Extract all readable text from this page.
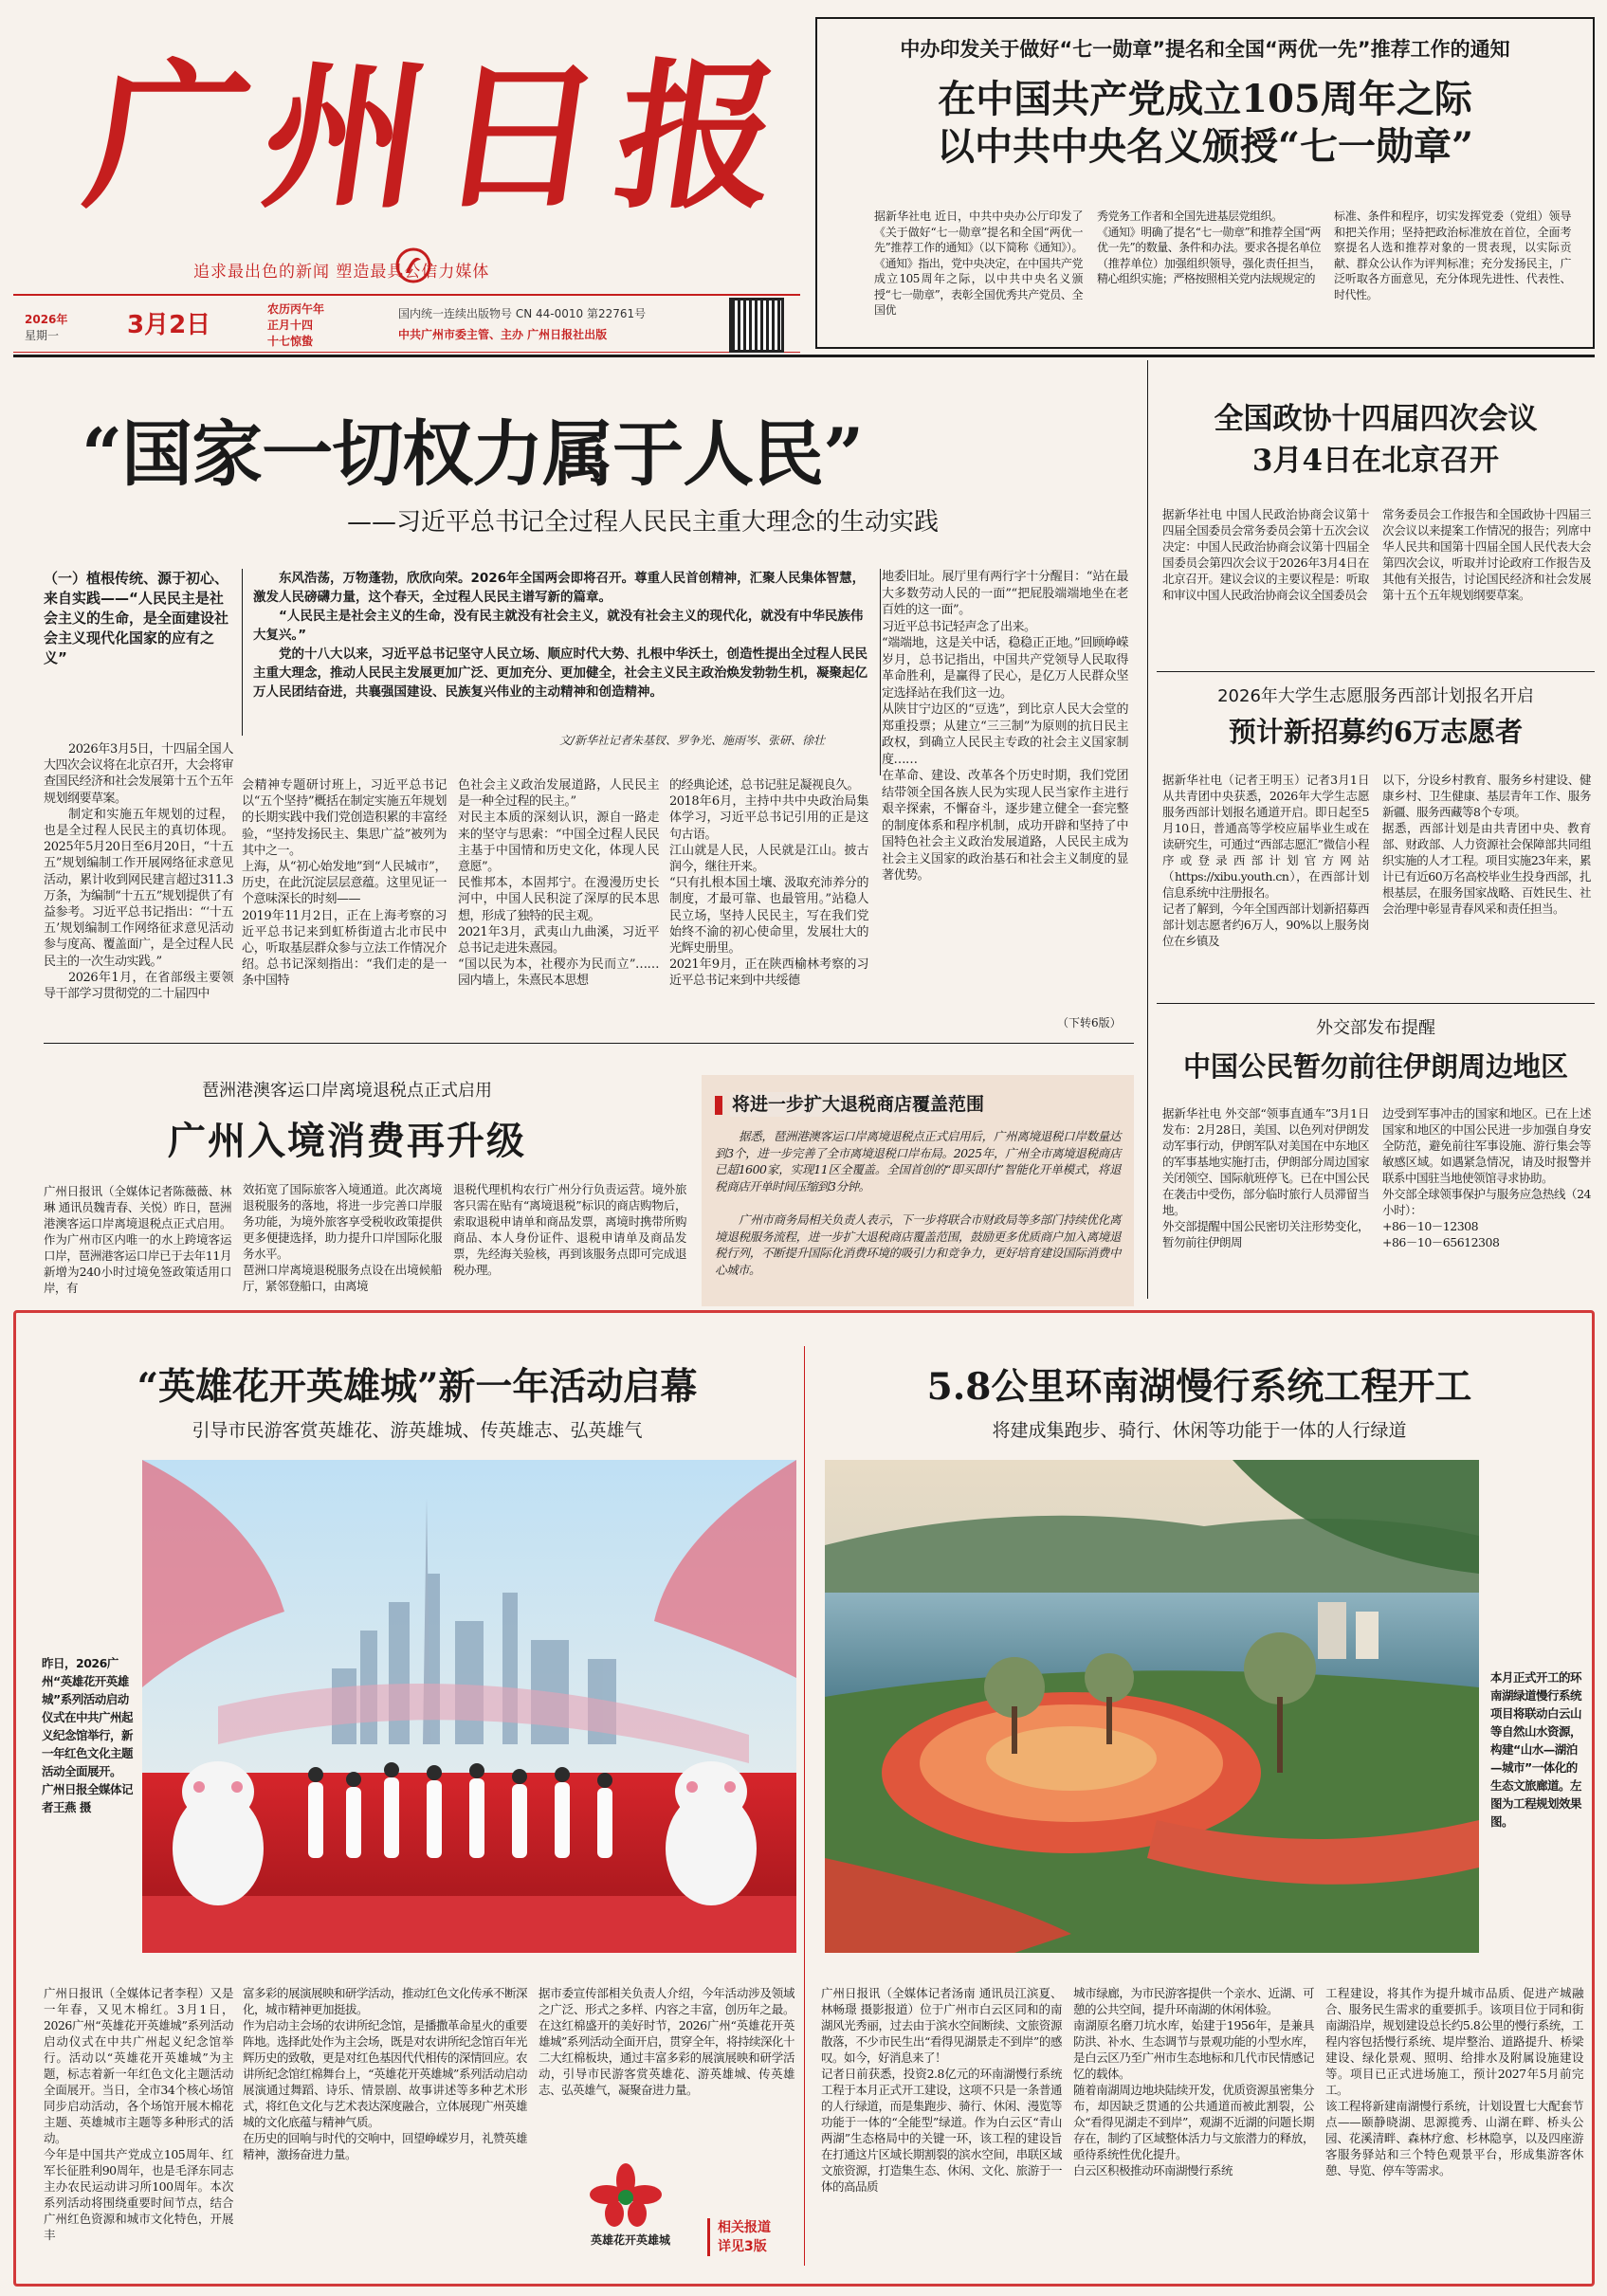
广州日报
追求最出色的新闻 塑造最具公信力媒体
2026年
星期一	3月2日
农历丙午年
正月十四
十七惊蛰
国内统一连续出版物号 CN 44-0010 第22761号
中共广州市委主管、主办 广州日报社出版
中办印发关于做好“七一勋章”提名和全国“两优一先”推荐工作的通知
在中国共产党成立105周年之际
以中共中央名义颁授“七一勋章”

据新华社电 近日，中共中央办公厅印发了《关于做好“七一勋章”提名和全国“两优一先”推荐工作的通知》（以下简称《通知》）。《通知》指出，党中央决定，在中国共产党成立105周年之际，以中共中央名义颁授“七一勋章”，表彰全国优秀共产党员、全国优

秀党务工作者和全国先进基层党组织。
《通知》明确了提名“七一勋章”和推荐全国“两优一先”的数量、条件和办法。要求各提名单位（推荐单位）加强组织领导，强化责任担当，精心组织实施；严格按照相关党内法规规定的

标准、条件和程序，切实发挥党委（党组）领导和把关作用；坚持把政治标准放在首位，全面考察提名人选和推荐对象的一贯表现，以实际贡献、群众公认作为评判标准；充分发扬民主，广泛听取各方面意见，充分体现先进性、代表性、时代性。

“国家一切权力属于人民”
——习近平总书记全过程人民民主重大理念的生动实践
（一）植根传统、源于初心、来自实践——“人民民主是社会主义的生命，是全面建设社会主义现代化国家的应有之义”
东风浩荡，万物蓬勃，欣欣向荣。2026年全国两会即将召开。尊重人民首创精神，汇聚人民集体智慧，激发人民磅礴力量，这个春天，全过程人民民主谱写新的篇章。
“人民民主是社会主义的生命，没有民主就没有社会主义，就没有社会主义的现代化，就没有中华民族伟大复兴。”
党的十八大以来，习近平总书记坚守人民立场、顺应时代大势、扎根中华沃土，创造性提出全过程人民民主重大理念，推动人民民主发展更加广泛、更加充分、更加健全，社会主义民主政治焕发勃勃生机，凝聚起亿万人民团结奋进，共襄强国建设、民族复兴伟业的主动精神和创造精神。
文/新华社记者朱基钗、罗争光、施雨岑、张研、徐壮

2026年3月5日，十四届全国人大四次会议将在北京召开，大会将审查国民经济和社会发展第十五个五年规划纲要草案。

制定和实施五年规划的过程，也是全过程人民民主的真切体现。2025年5月20日至6月20日，“十五五”规划编制工作开展网络征求意见活动，累计收到网民建言超过311.3万条，为编制“十五五”规划提供了有益参考。习近平总书记指出：“‘十五五’规划编制工作网络征求意见活动参与度高、覆盖面广，是全过程人民民主的一次生动实践。”

2026年1月，在省部级主要领导干部学习贯彻党的二十届四中

会精神专题研讨班上，习近平总书记以“五个坚持”概括在制定实施五年规划的长期实践中我们党创造积累的丰富经验，“坚持发扬民主、集思广益”被列为其中之一。
上海，从“初心始发地”到“人民城市”，历史，在此沉淀层层意蕴。这里见证一个意味深长的时刻——
2019年11月2日，正在上海考察的习近平总书记来到虹桥街道古北市民中心，听取基层群众参与立法工作情况介绍。总书记深刻指出：“我们走的是一条中国特

色社会主义政治发展道路，人民民主是一种全过程的民主。”
对民主本质的深刻认识，源自一路走来的坚守与思索：“中国全过程人民民主基于中国情和历史文化，体现人民意愿”。
民惟邦本，本固邦宁。在漫漫历史长河中，中国人民积淀了深厚的民本思想，形成了独特的民主观。
2021年3月，武夷山九曲溪，习近平总书记走进朱熹园。
“国以民为本，社稷亦为民而立”……园内墙上，朱熹民本思想

的经典论述，总书记驻足凝视良久。
2018年6月，主持中共中央政治局集体学习，习近平总书记引用的正是这句古语。
江山就是人民，人民就是江山。披古润今，继往开来。
“只有扎根本国土壤、汲取充沛养分的制度，才最可靠、也最管用。”站稳人民立场，坚持人民民主，写在我们党始终不渝的初心使命里，发展壮大的光辉史册里。
2021年9月，正在陕西榆林考察的习近平总书记来到中共绥德

地委旧址。展厅里有两行字十分醒目：“站在最大多数劳动人民的一面”“把屁股端端地坐在老百姓的这一面”。
习近平总书记轻声念了出来。
“端端地，这是关中话，稳稳正正地。”回顾峥嵘岁月，总书记指出，中国共产党领导人民取得革命胜利，是赢得了民心，是亿万人民群众坚定选择站在我们这一边。
从陕甘宁边区的“豆选”，到比京人民大会堂的郑重投票；从建立“三三制”为原则的抗日民主政权，到确立人民民主专政的社会主义国家制度……
在革命、建设、改革各个历史时期，我们党团结带领全国各族人民为实现人民当家作主进行艰辛探索，不懈奋斗，逐步建立健全一套完整的制度体系和程序机制，成功开辟和坚持了中国特色社会主义政治发展道路，人民民主成为社会主义国家的政治基石和社会主义制度的显著优势。

（下转6版）
全国政协十四届四次会议
3月4日在北京召开

据新华社电 中国人民政治协商会议第十四届全国委员会常务委员会第十五次会议决定：中国人民政治协商会议第十四届全国委员会第四次会议于2026年3月4日在北京召开。建议会议的主要议程是：听取和审议中国人民政治协商会议全国委员会

常务委员会工作报告和全国政协十四届三次会议以来提案工作情况的报告；列席中华人民共和国第十四届全国人民代表大会第四次会议，听取并讨论政府工作报告及其他有关报告，讨论国民经济和社会发展第十五个五年规划纲要草案。

2026年大学生志愿服务西部计划报名开启
预计新招募约6万志愿者

据新华社电（记者王明玉）记者3月1日从共青团中央获悉，2026年大学生志愿服务西部计划报名通道开启。即日起至5月10日，普通高等学校应届毕业生或在读研究生，可通过“西部志愿汇”微信小程序或登录西部计划官方网站（https://xibu.youth.cn），在西部计划信息系统中注册报名。
记者了解到，今年全国西部计划新招募西部计划志愿者约6万人，90%以上服务岗位在乡镇及

以下，分设乡村教育、服务乡村建设、健康乡村、卫生健康、基层青年工作、服务新疆、服务西藏等8个专项。
据悉，西部计划是由共青团中央、教育部、财政部、人力资源社会保障部共同组织实施的人才工程。项目实施23年来，累计已有近60万名高校毕业生投身西部，扎根基层，在服务国家战略、百姓民生、社会治理中彰显青春风采和责任担当。

外交部发布提醒
中国公民暂勿前往伊朗周边地区

据新华社电 外交部“领事直通车”3月1日发布：2月28日，美国、以色列对伊朗发动军事行动，伊朗军队对美国在中东地区的军事基地实施打击，伊朗部分周边国家关闭领空、国际航班停飞。已在中国公民在袭击中受伤，部分临时旅行人员滞留当地。
外交部提醒中国公民密切关注形势变化，暂勿前往伊朗周

边受到军事冲击的国家和地区。已在上述国家和地区的中国公民进一步加强自身安全防范，避免前往军事设施、游行集会等敏感区域。如遇紧急情况，请及时报警并联系中国驻当地使领馆寻求协助。
外交部全球领事保护与服务应急热线（24小时）：
+86－10－12308
+86－10－65612308

琶洲港澳客运口岸离境退税点正式启用
广州入境消费再升级

广州日报讯（全媒体记者陈薇薇、林琳 通讯员魏青春、关悦）昨日，琶洲港澳客运口岸离境退税点正式启用。作为广州市区内唯一的水上跨境客运口岸，琶洲港客运口岸已于去年11月新增为240小时过境免签政策适用口岸，有

效拓宽了国际旅客入境通道。此次离境退税服务的落地，将进一步完善口岸服务功能，为境外旅客享受税收政策提供更多便捷选择，助力提升口岸国际化服务水平。
琶洲口岸离境退税服务点设在出境候船厅，紧邻登船口，由离境

退税代理机构农行广州分行负责运营。境外旅客只需在贴有“离境退税”标识的商店购物后，索取退税申请单和商品发票，离境时携带所购商品、本人身份证件、退税申请单及商品发票，先经海关验核，再到该服务点即可完成退税办理。

将进一步扩大退税商店覆盖范围

据悉，琶洲港澳客运口岸离境退税点正式启用后，广州离境退税口岸数量达到3个，进一步完善了全市离境退税口岸布局。2025年，广州全市离境退税商店已超1600家，实现11区全覆盖。全国首创的“即买即付”智能化开单模式，将退税商店开单时间压缩到3分钟。

广州市商务局相关负责人表示，下一步将联合市财政局等多部门持续优化离境退税服务流程，进一步扩大退税商店覆盖范围，鼓励更多优质商户加入离境退税行列，不断提升国际化消费环境的吸引力和竞争力，更好培育建设国际消费中心城市。

“英雄花开英雄城”新一年活动启幕
引导市民游客赏英雄花、游英雄城、传英雄志、弘英雄气

昨日，2026广州“英雄花开英雄城”系列活动启动仪式在中共广州起义纪念馆举行，新一年红色文化主题活动全面展开。
广州日报全媒体记者王燕 摄

广州日报讯（全媒体记者李程）又是一年春，又见木棉红。3月1日，2026广州“英雄花开英雄城”系列活动启动仪式在中共广州起义纪念馆举行。活动以“英雄花开英雄城”为主题，标志着新一年红色文化主题活动全面展开。当日，全市34个核心场馆同步启动活动，各个场馆开展木棉花主题、英雄城市主题等多种形式的活动。
今年是中国共产党成立105周年、红军长征胜利90周年，也是毛泽东同志主办农民运动讲习所100周年。本次系列活动将围绕重要时间节点，结合广州红色资源和城市文化特色，开展丰

富多彩的展演展映和研学活动，推动红色文化传承不断深化，城市精神更加挺拔。
作为启动主会场的农讲所纪念馆，是播撒革命星火的重要阵地。选择此处作为主会场，既是对农讲所纪念馆百年光辉历史的致敬，更是对红色基因代代相传的深情回应。农讲所纪念馆红棉舞台上，“英雄花开英雄城”系列活动启动展演通过舞蹈、诗乐、情景剧、故事讲述等多种艺术形式，将红色文化与艺术表达深度融合，立体展现广州英雄城的文化底蕴与精神气质。
在历史的回响与时代的交响中，回望峥嵘岁月，礼赞英雄精神，激扬奋进力量。

据市委宣传部相关负责人介绍，今年活动涉及领域之广泛、形式之多样、内容之丰富，创历年之最。在这红棉盛开的美好时节，2026广州“英雄花开英雄城”系列活动全面开启，贯穿全年，将持续深化十二大红棉板块，通过丰富多彩的展演展映和研学活动，引导市民游客赏英雄花、游英雄城、传英雄志、弘英雄气，凝聚奋进力量。

英雄花开英雄城
相关报道
详见3版
5.8公里环南湖慢行系统工程开工
将建成集跑步、骑行、休闲等功能于一体的人行绿道

本月正式开工的环南湖绿道慢行系统项目将联动白云山等自然山水资源，构建“山水—湖泊—城市”一体化的生态文旅廊道。左图为工程规划效果图。

广州日报讯（全媒体记者汤南 通讯员江滨夏、林畅璟 摄影报道）位于广州市白云区同和的南湖风光秀丽，过去由于滨水空间断续、文旅资源散落，不少市民生出“看得见湖景走不到岸”的感叹。如今，好消息来了！
记者日前获悉，投资2.8亿元的环南湖慢行系统工程于本月正式开工建设，这项不只是一条普通的人行绿道，而是集跑步、骑行、休闲、漫览等功能于一体的“全能型”绿道。作为白云区“青山两湖”生态格局中的关键一环，该工程的建设旨在打通这片区域长期割裂的滨水空间，串联区域文旅资源，打造集生态、休闲、文化、旅游于一体的高品质

城市绿廊，为市民游客提供一个亲水、近湖、可憩的公共空间，提升环南湖的休闲体验。
南湖原名磨刀坑水库，始建于1956年，是兼具防洪、补水、生态调节与景观功能的小型水库，是白云区乃至广州市生态地标和几代市民情感记忆的载体。
随着南湖周边地块陆续开发，优质资源虽密集分布，却因缺乏贯通的公共通道而被此割裂，公众“看得见湖走不到岸”，观湖不近湖的问题长期存在，制约了区域整体活力与文旅潜力的释放，亟待系统性优化提升。
白云区积极推动环南湖慢行系统

工程建设，将其作为提升城市品质、促进产城融合、服务民生需求的重要抓手。该项目位于同和街南湖沿岸，规划建设总长约5.8公里的慢行系统，工程内容包括慢行系统、堤岸整治、道路提升、桥梁建设、绿化景观、照明、给排水及附属设施建设等。项目已正式进场施工，预计2027年5月前完工。
该工程将新建南湖慢行系统，计划设置七大配套节点——颐静晓湖、思源揽秀、山湖在畔、桥头公园、花溪清畔、森林疗愈、杉林隐享，以及四座游客服务驿站和三个特色观景平台，形成集游客休憩、导览、停车等需求。
